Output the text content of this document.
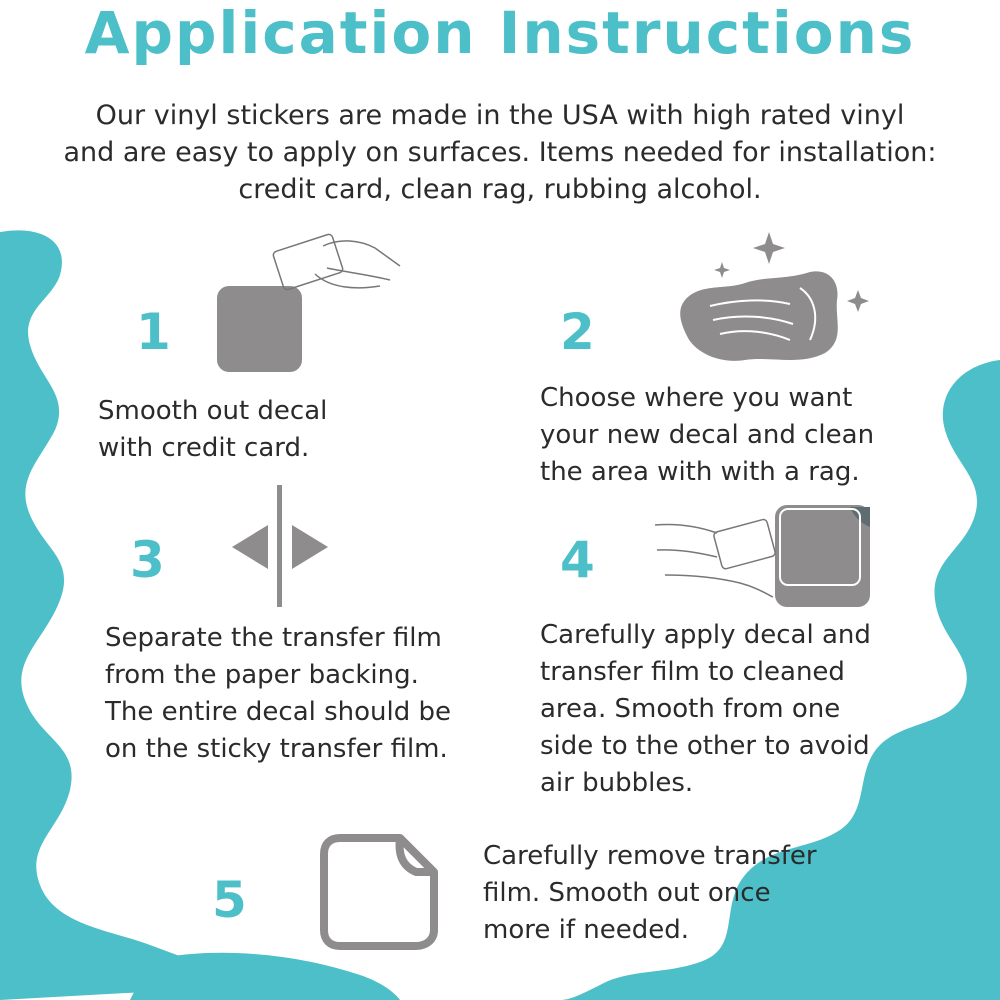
Application Instructions
Our vinyl stickers are made in the USA with high rated vinyl
and are easy to apply on surfaces. Items needed for installation:
credit card, clean rag, rubbing alcohol.
1
Smooth out decal
with credit card.
2
Choose where you want
your new decal and clean
the area with with a rag.
3
Separate the transfer film
from the paper backing.
The entire decal should be
on the sticky transfer film.
4
Carefully apply decal and
transfer film to cleaned
area. Smooth from one
side to the other to avoid
air bubbles.
5
Carefully remove transfer
film. Smooth out once
more if needed.
